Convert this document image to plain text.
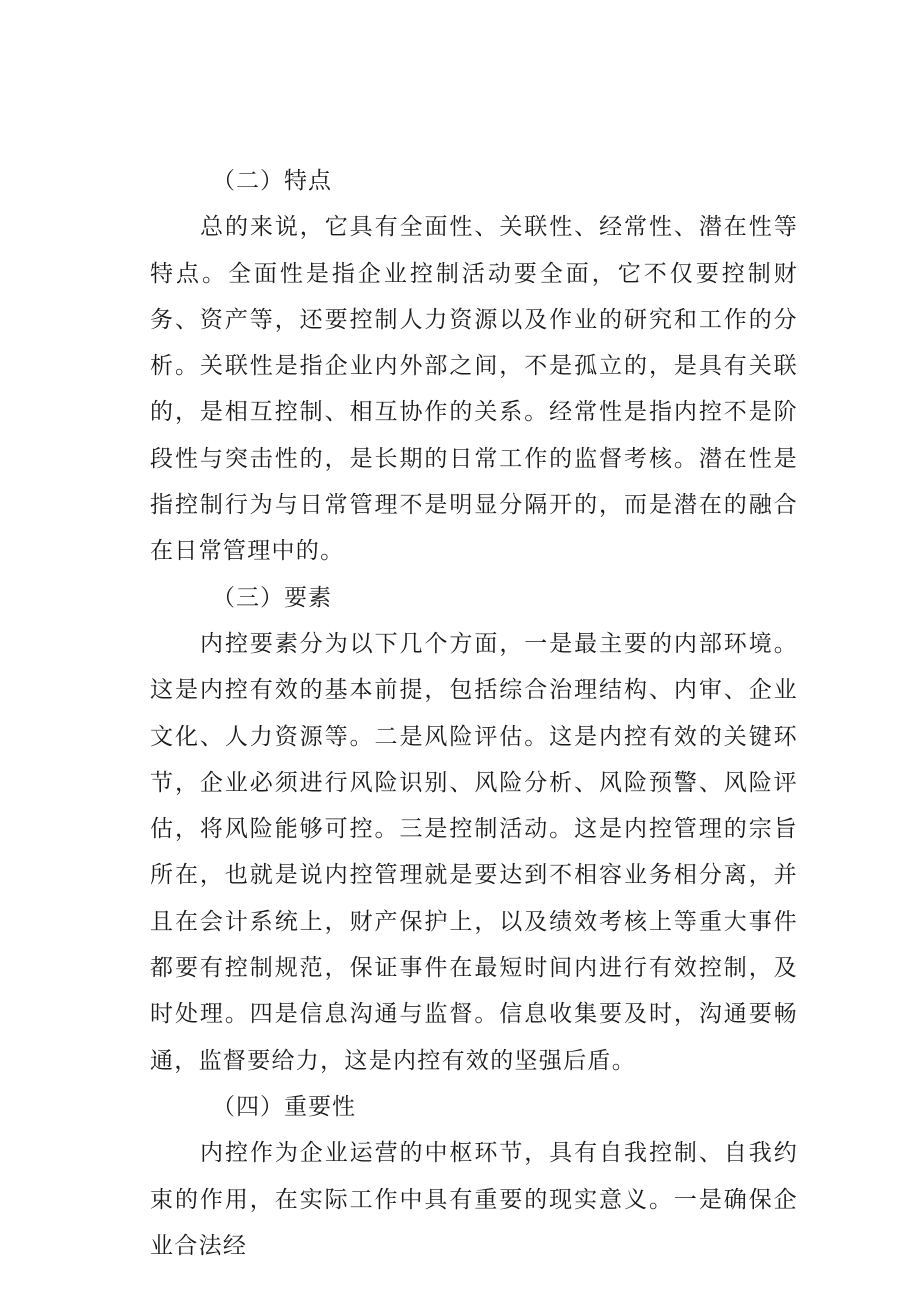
（二）特点

总的来说，它具有全面性、关联性、经常性、潜在性等特点。全面性是指企业控制活动要全面，它不仅要控制财务、资产等，还要控制人力资源以及作业的研究和工作的分析。关联性是指企业内外部之间，不是孤立的，是具有关联的，是相互控制、相互协作的关系。经常性是指内控不是阶段性与突击性的，是长期的日常工作的监督考核。潜在性是指控制行为与日常管理不是明显分隔开的，而是潜在的融合在日常管理中的。

（三）要素

内控要素分为以下几个方面，一是最主要的内部环境。这是内控有效的基本前提，包括综合治理结构、内审、企业文化、人力资源等。二是风险评估。这是内控有效的关键环节，企业必须进行风险识别、风险分析、风险预警、风险评估，将风险能够可控。三是控制活动。这是内控管理的宗旨所在，也就是说内控管理就是要达到不相容业务相分离，并且在会计系统上，财产保护上，以及绩效考核上等重大事件都要有控制规范，保证事件在最短时间内进行有效控制，及时处理。四是信息沟通与监督。信息收集要及时，沟通要畅通，监督要给力，这是内控有效的坚强后盾。

（四）重要性

内控作为企业运营的中枢环节，具有自我控制、自我约束的作用，在实际工作中具有重要的现实意义。一是确保企业合法经
